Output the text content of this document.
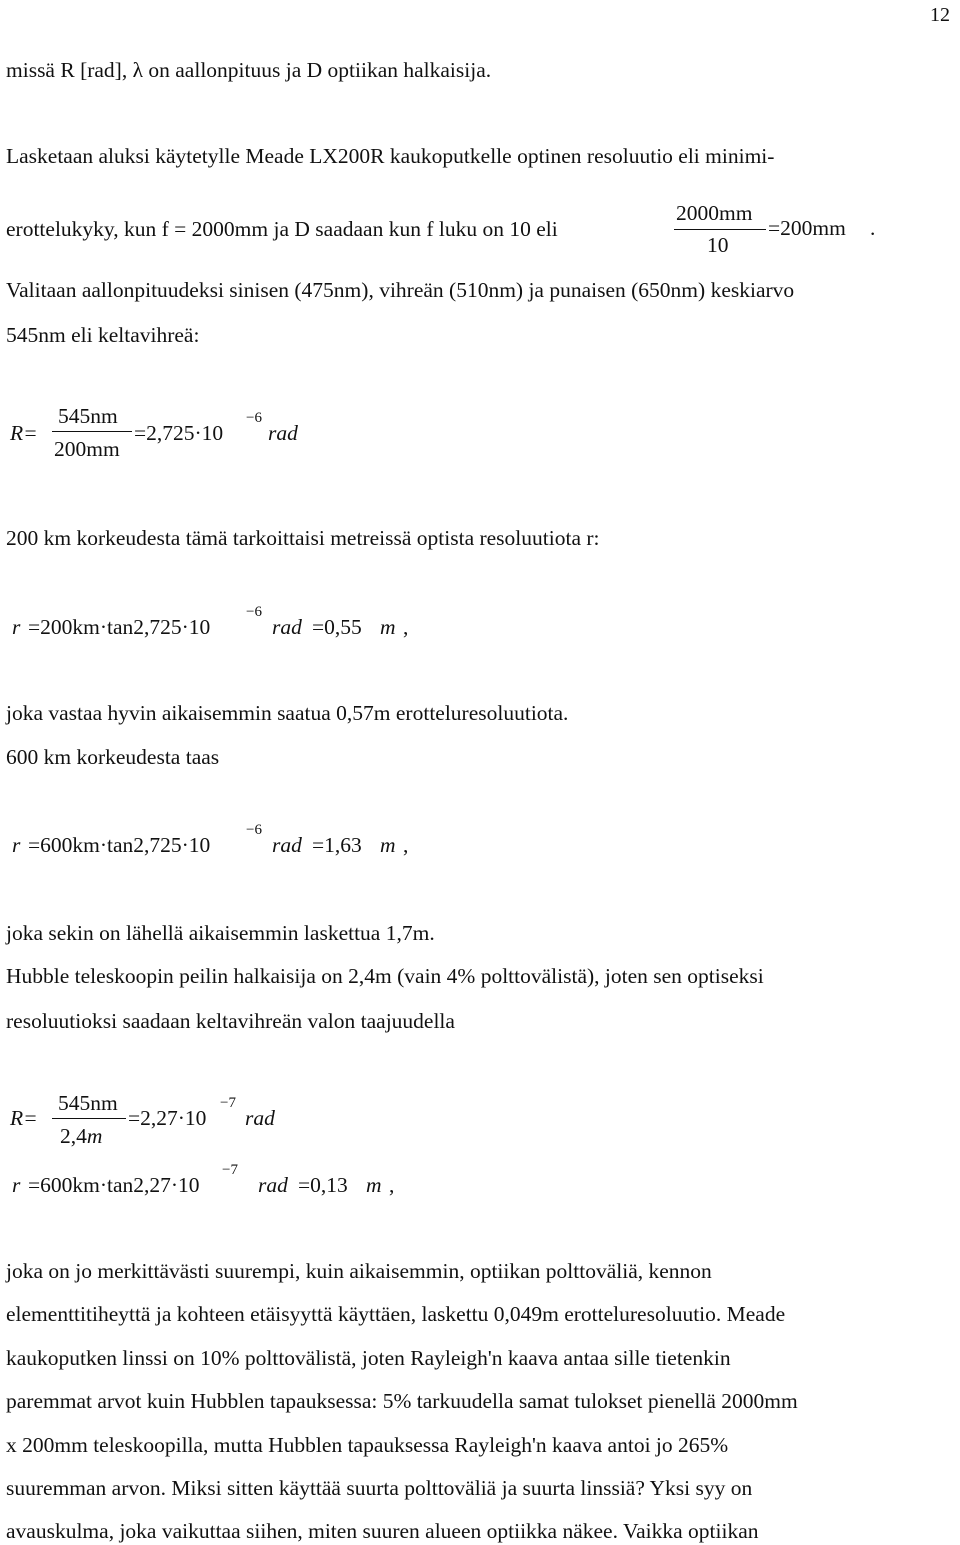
12
missä R [rad], λ on aallonpituus ja D optiikan halkaisija.
Lasketaan aluksi käytetylle Meade LX200R kaukoputkelle optinen resoluutio eli minimi-
erottelukyky, kun f = 2000mm ja D saadaan kun f luku on 10 eli
2000mm
10
=200mm .
Valitaan aallonpituudeksi sinisen (475nm), vihreän (510nm) ja punaisen (650nm) keskiarvo
545nm eli keltavihreä:
R=
545nm
200mm
=2,725·10
−6
rad
200 km korkeudesta tämä tarkoittaisi metreissä optista resoluutiota r:
r =200km·tan2,725·10
−6
rad =0,55 m ,
joka vastaa hyvin aikaisemmin saatua 0,57m erotteluresoluutiota.
600 km korkeudesta taas
r =600km·tan2,725·10
−6
rad =1,63 m ,
joka sekin on lähellä aikaisemmin laskettua 1,7m.
Hubble teleskoopin peilin halkaisija on 2,4m (vain 4% polttovälistä), joten sen optiseksi
resoluutioksi saadaan keltavihreän valon taajuudella
R=
545nm
2,4m
=2,27·10
−7
rad
r =600km·tan2,27·10
−7
rad =0,13 m ,
joka on jo merkittävästi suurempi, kuin aikaisemmin, optiikan polttoväliä, kennon
elementtitiheyttä ja kohteen etäisyyttä käyttäen, laskettu 0,049m erotteluresoluutio. Meade
kaukoputken linssi on 10% polttovälistä, joten Rayleigh'n kaava antaa sille tietenkin
paremmat arvot kuin Hubblen tapauksessa: 5% tarkuudella samat tulokset pienellä 2000mm
x 200mm teleskoopilla, mutta Hubblen tapauksessa Rayleigh'n kaava antoi jo 265%
suuremman arvon. Miksi sitten käyttää suurta polttoväliä ja suurta linssiä? Yksi syy on
avauskulma, joka vaikuttaa siihen, miten suuren alueen optiikka näkee. Vaikka optiikan
